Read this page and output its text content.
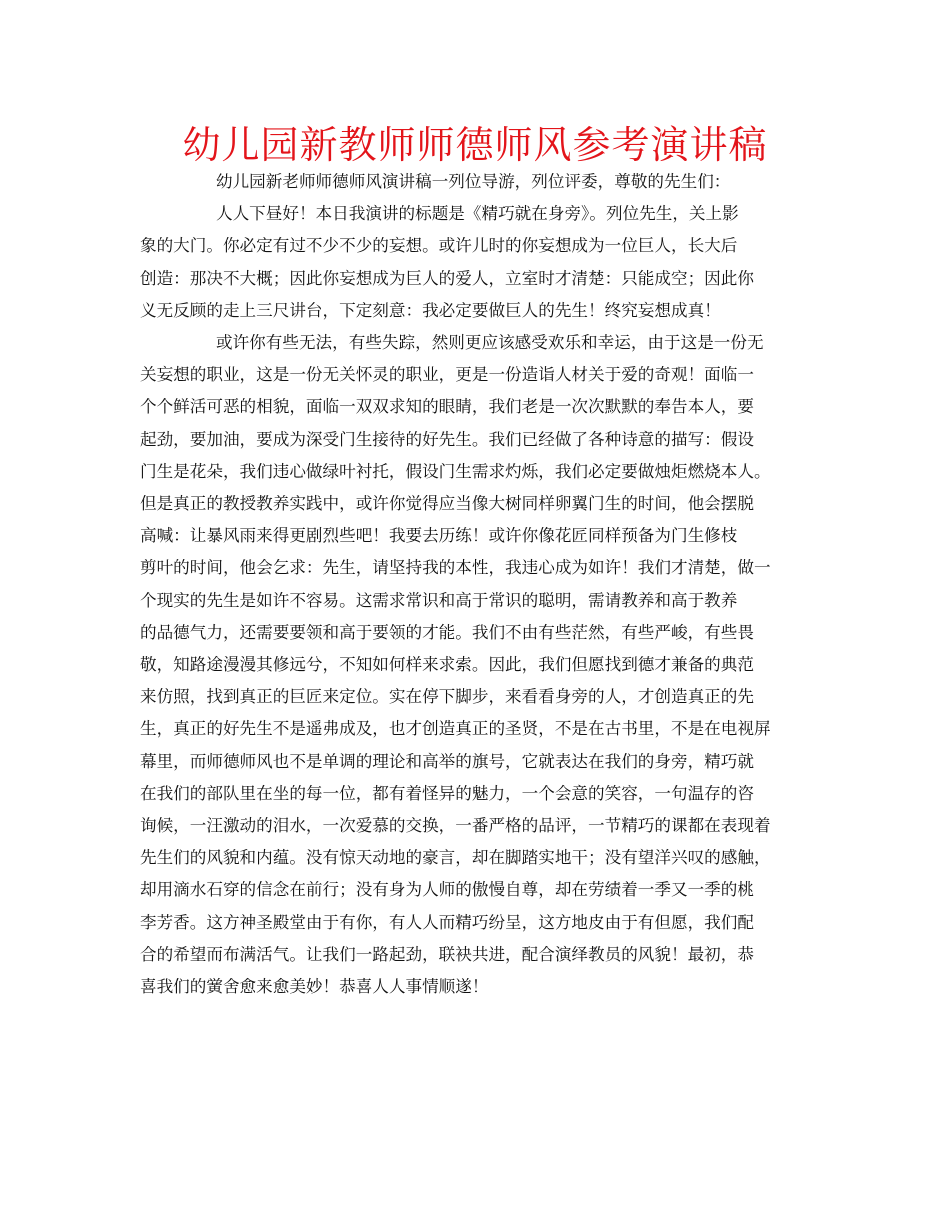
幼儿园新教师师德师风参考演讲稿

幼儿园新老师师德师风演讲稿一列位导游，列位评委，尊敬的先生们：

人人下昼好！本日我演讲的标题是《精巧就在身旁》。列位先生，关上影

象的大门。你必定有过不少不少的妄想。或许儿时的你妄想成为一位巨人，长大后

创造：那决不大概；因此你妄想成为巨人的爱人，立室时才清楚：只能成空；因此你

义无反顾的走上三尺讲台，下定刻意：我必定要做巨人的先生！终究妄想成真！

或许你有些无法，有些失踪，然则更应该感受欢乐和幸运，由于这是一份无

关妄想的职业，这是一份无关怀灵的职业，更是一份造诣人材关于爱的奇观！面临一

个个鲜活可恶的相貌，面临一双双求知的眼睛，我们老是一次次默默的奉告本人，要

起劲，要加油，要成为深受门生接待的好先生。我们已经做了各种诗意的描写：假设

门生是花朵，我们违心做绿叶衬托，假设门生需求灼烁，我们必定要做烛炬燃烧本人。

但是真正的教授教养实践中，或许你觉得应当像大树同样卵翼门生的时间，他会摆脱

高喊：让暴风雨来得更剧烈些吧！我要去历练！或许你像花匠同样预备为门生修枝

剪叶的时间，他会乞求：先生，请坚持我的本性，我违心成为如许！我们才清楚，做一

个现实的先生是如许不容易。这需求常识和高于常识的聪明，需请教养和高于教养

的品德气力，还需要要领和高于要领的才能。我们不由有些茫然，有些严峻，有些畏

敬，知路途漫漫其修远兮，不知如何样来求索。因此，我们但愿找到德才兼备的典范

来仿照，找到真正的巨匠来定位。实在停下脚步，来看看身旁的人，才创造真正的先

生，真正的好先生不是遥弗成及，也才创造真正的圣贤，不是在古书里，不是在电视屏

幕里，而师德师风也不是单调的理论和高举的旗号，它就表达在我们的身旁，精巧就

在我们的部队里在坐的每一位，都有着怪异的魅力，一个会意的笑容，一句温存的咨

询候，一汪激动的泪水，一次爱慕的交换，一番严格的品评，一节精巧的课都在表现着

先生们的风貌和内蕴。没有惊天动地的豪言，却在脚踏实地干；没有望洋兴叹的感触，

却用滴水石穿的信念在前行；没有身为人师的傲慢自尊，却在劳绩着一季又一季的桃

李芳香。这方神圣殿堂由于有你，有人人而精巧纷呈，这方地皮由于有但愿，我们配

合的希望而布满活气。让我们一路起劲，联袂共进，配合演绎教员的风貌！最初，恭

喜我们的黉舍愈来愈美妙！恭喜人人事情顺遂！
